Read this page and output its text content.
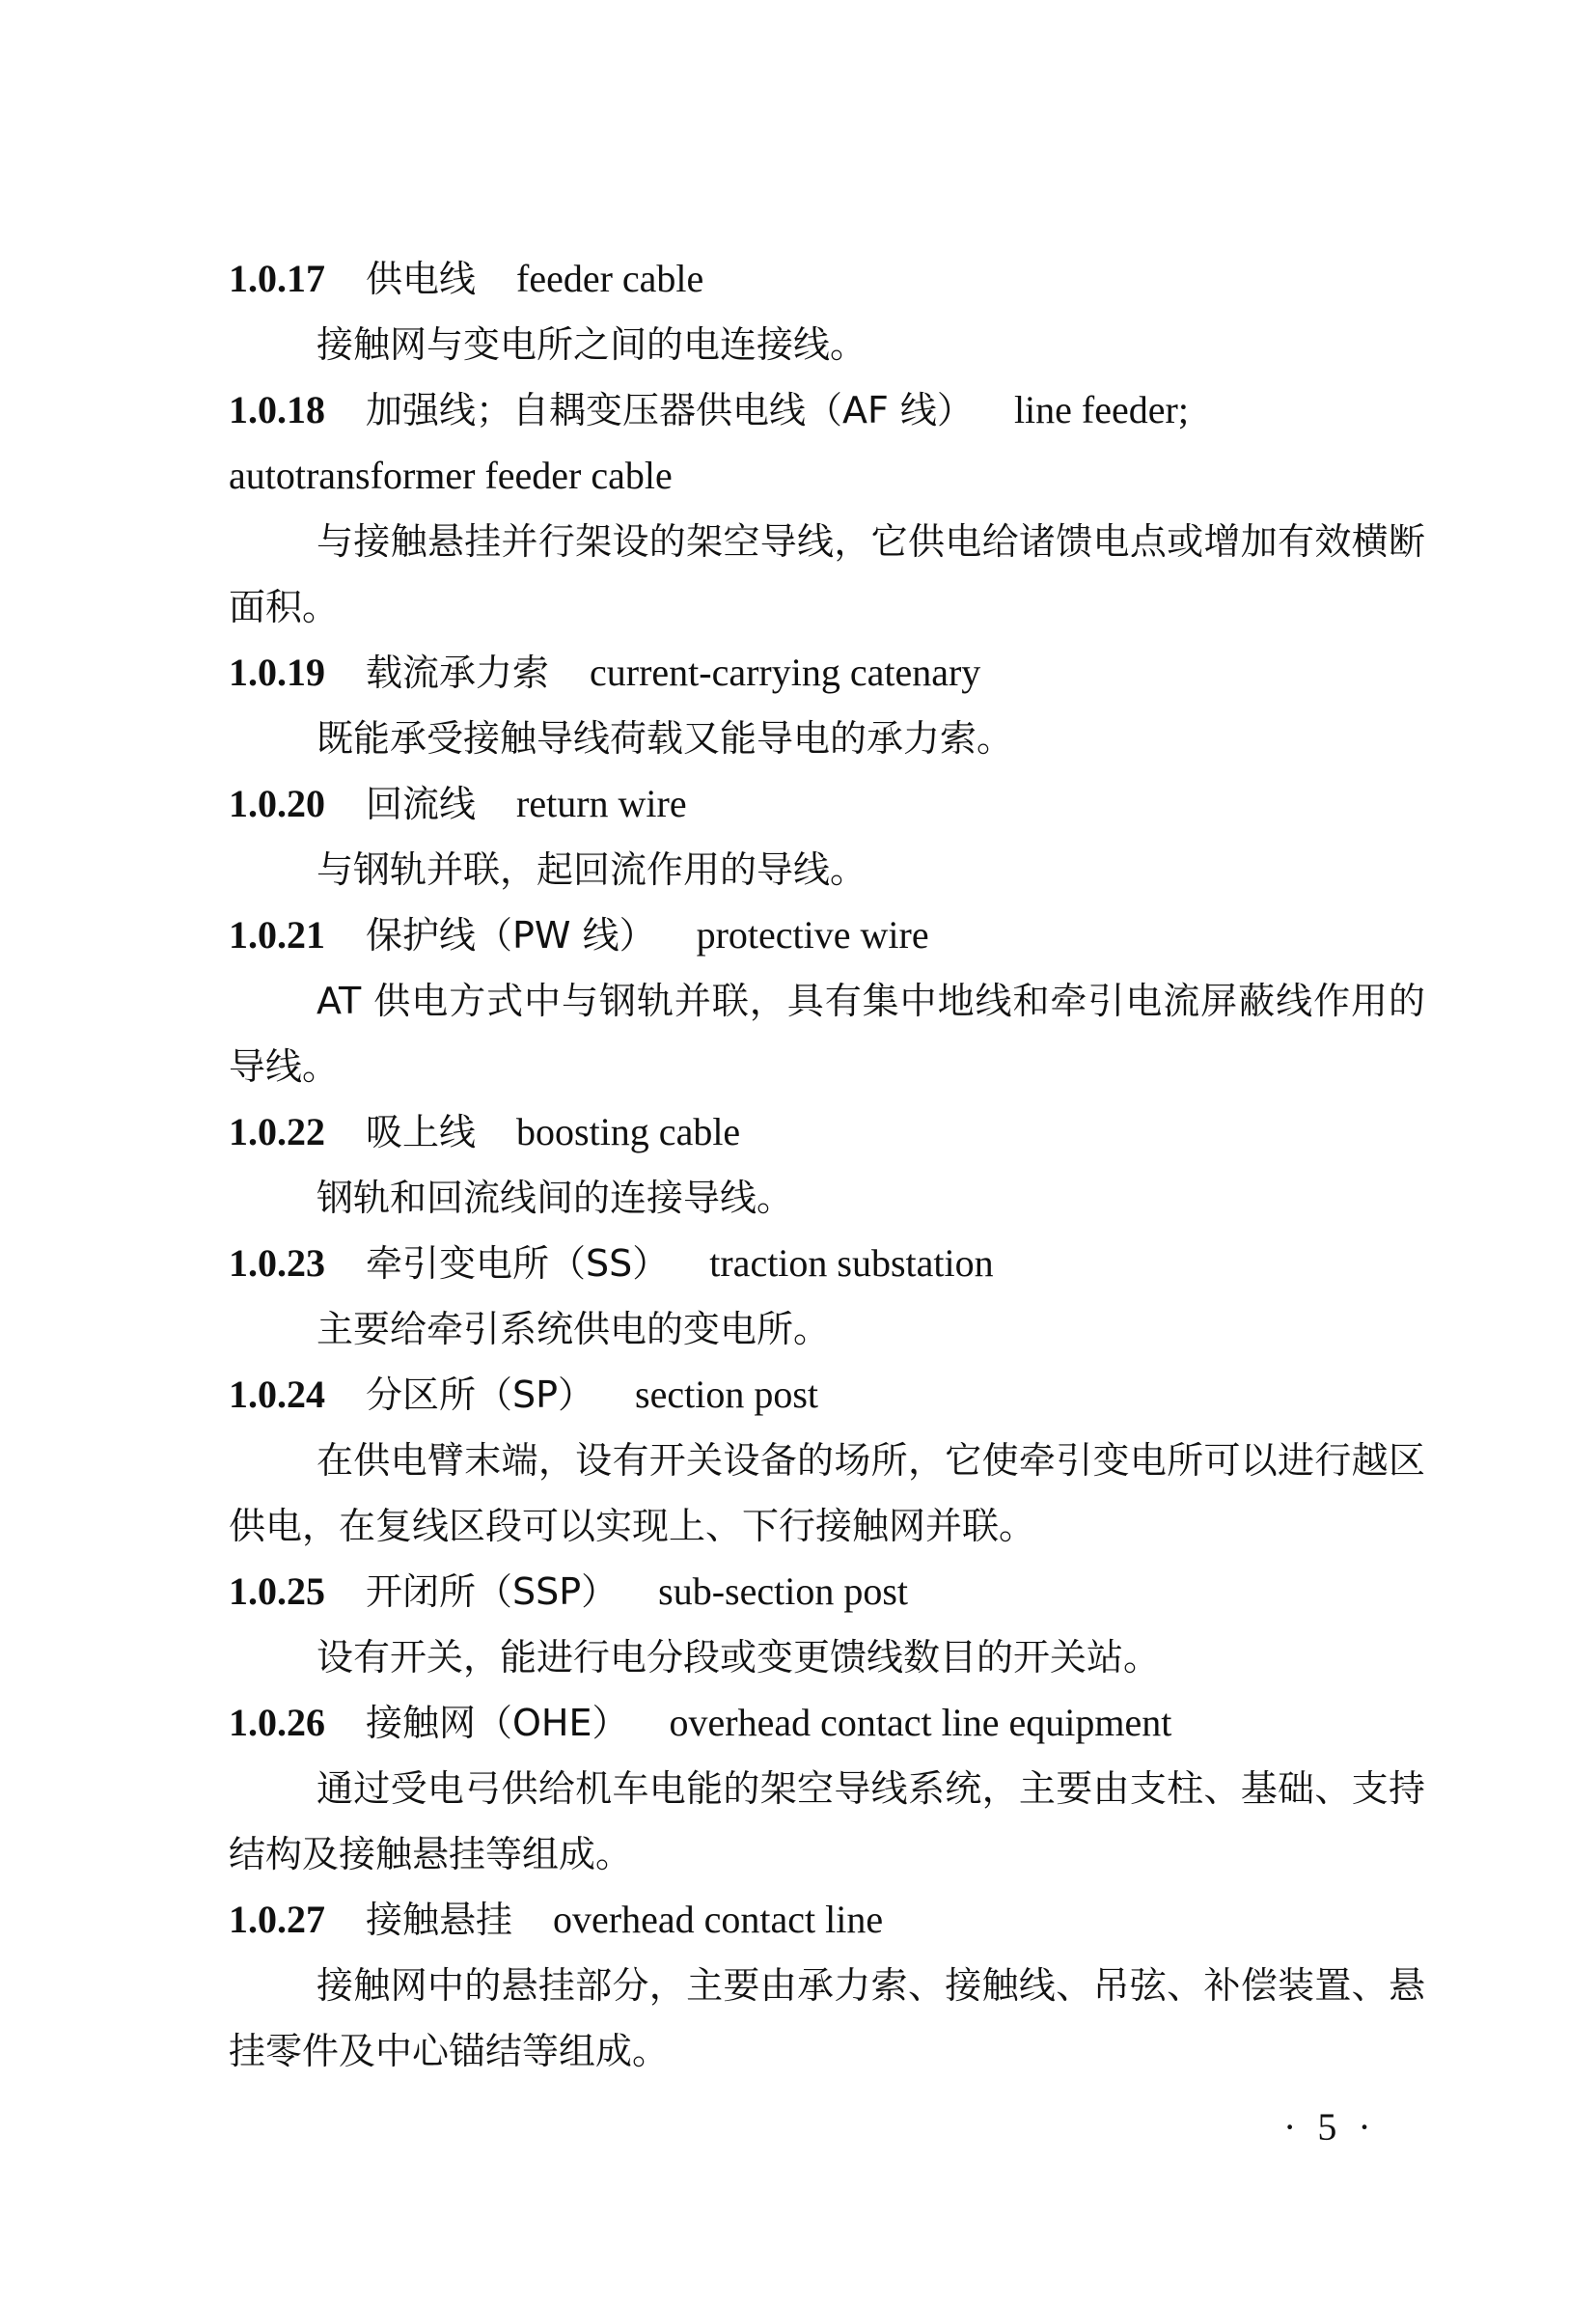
1.0.17 供电线 feeder cable

接触网与变电所之间的电连接线。

1.0.18 加强线；自耦变压器供电线（AF 线） line feeder; autotransformer feeder cable

与接触悬挂并行架设的架空导线，它供电给诸馈电点或增加有效横断面积。

1.0.19 载流承力索 current-carrying catenary

既能承受接触导线荷载又能导电的承力索。

1.0.20 回流线 return wire

与钢轨并联，起回流作用的导线。

1.0.21 保护线（PW 线） protective wire

AT 供电方式中与钢轨并联，具有集中地线和牵引电流屏蔽线作用的导线。

1.0.22 吸上线 boosting cable

钢轨和回流线间的连接导线。

1.0.23 牵引变电所（SS） traction substation

主要给牵引系统供电的变电所。

1.0.24 分区所（SP） section post

在供电臂末端，设有开关设备的场所，它使牵引变电所可以进行越区供电，在复线区段可以实现上、下行接触网并联。

1.0.25 开闭所（SSP） sub-section post

设有开关，能进行电分段或变更馈线数目的开关站。

1.0.26 接触网（OHE） overhead contact line equipment

通过受电弓供给机车电能的架空导线系统，主要由支柱、基础、支持结构及接触悬挂等组成。

1.0.27 接触悬挂 overhead contact line

接触网中的悬挂部分，主要由承力索、接触线、吊弦、补偿装置、悬挂零件及中心锚结等组成。

· 5 ·
